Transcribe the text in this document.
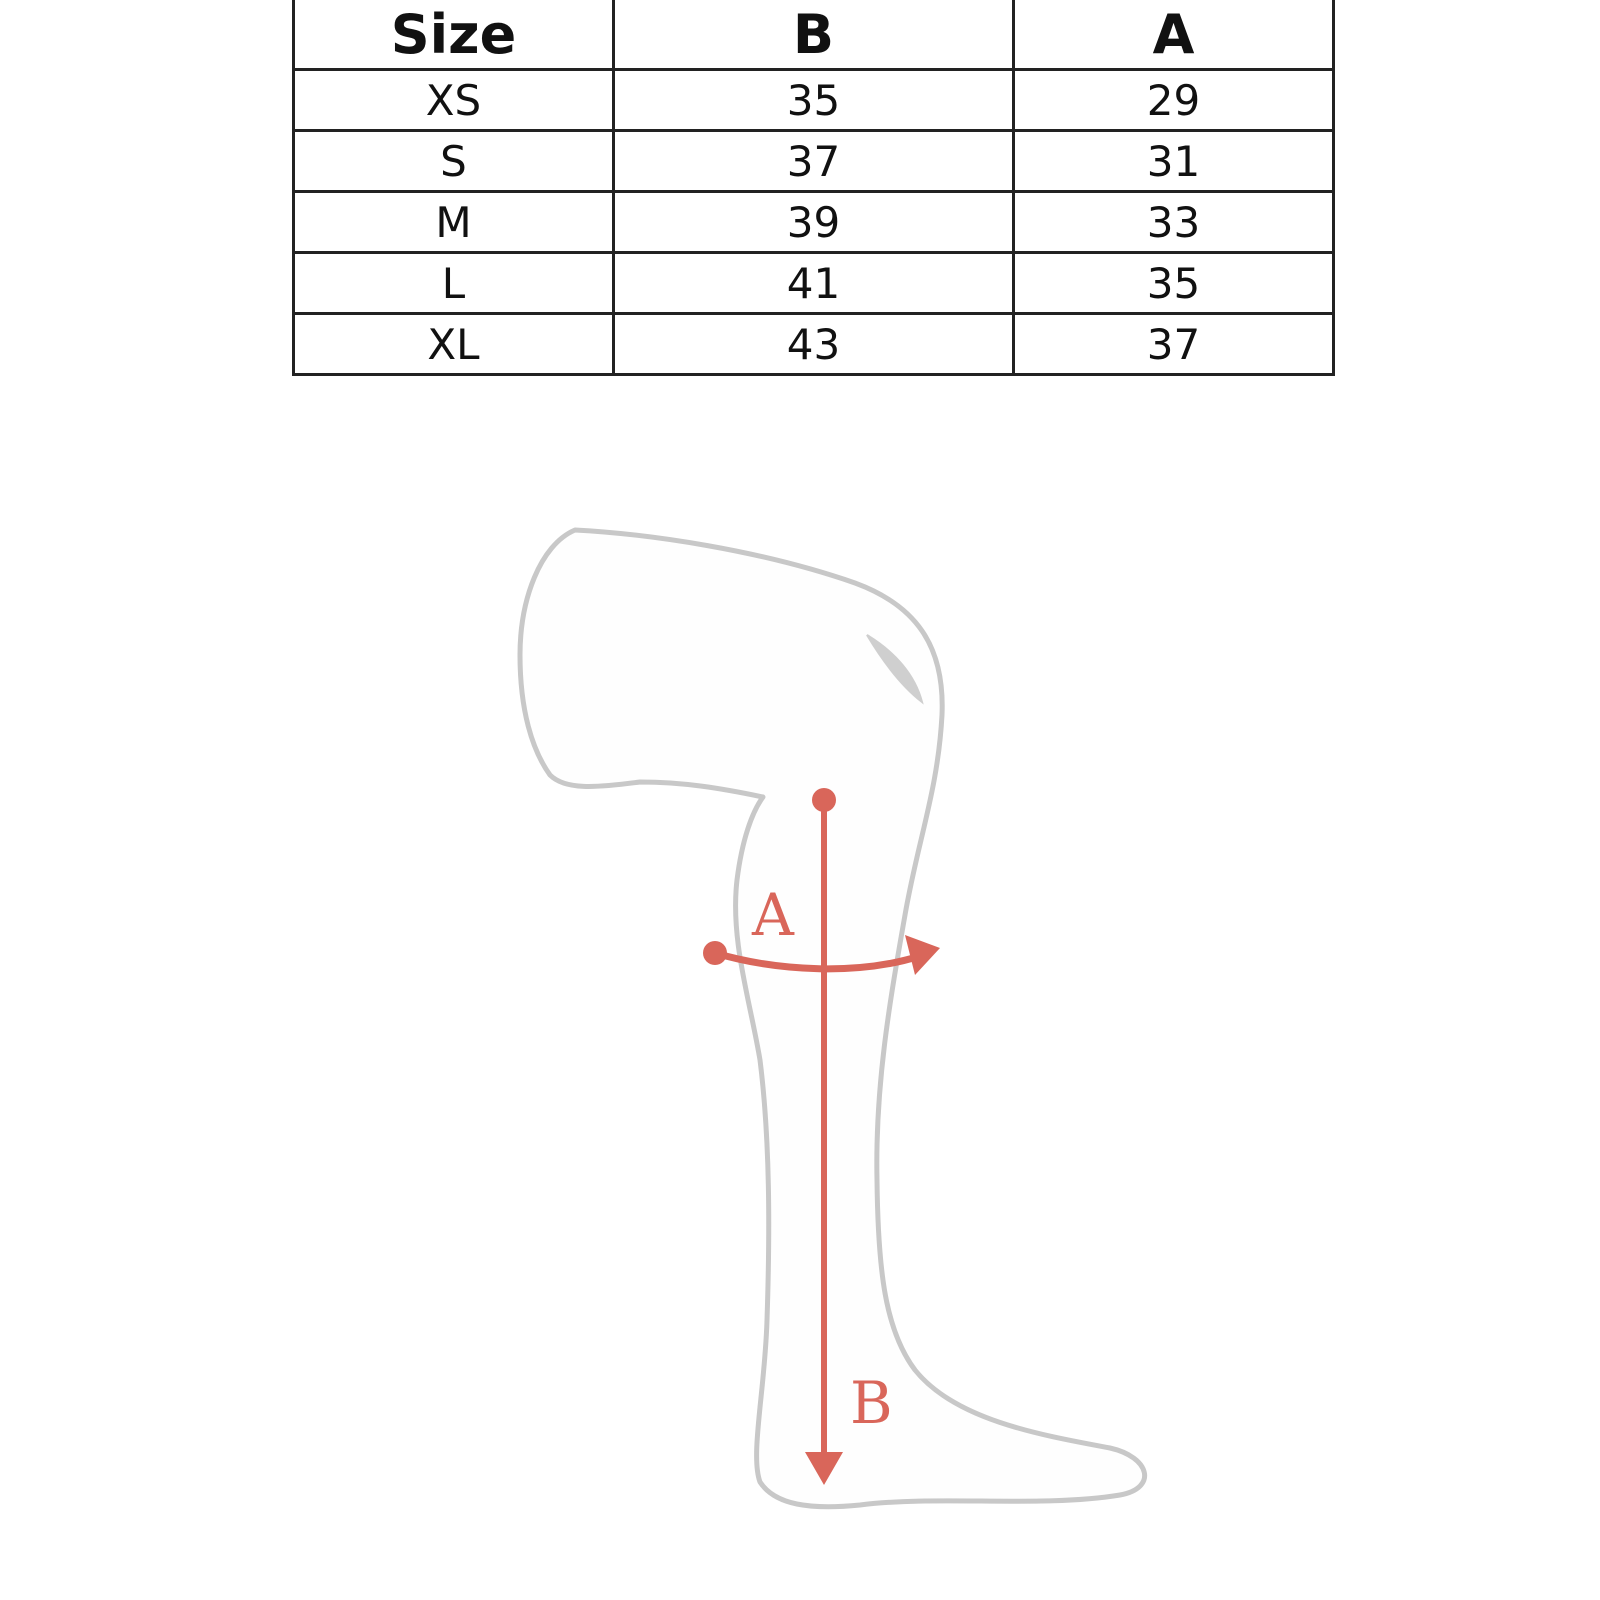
Size	B	A
XS	35	29
S	37	31
M	39	33
L	41	35
XL	43	37
A
B
